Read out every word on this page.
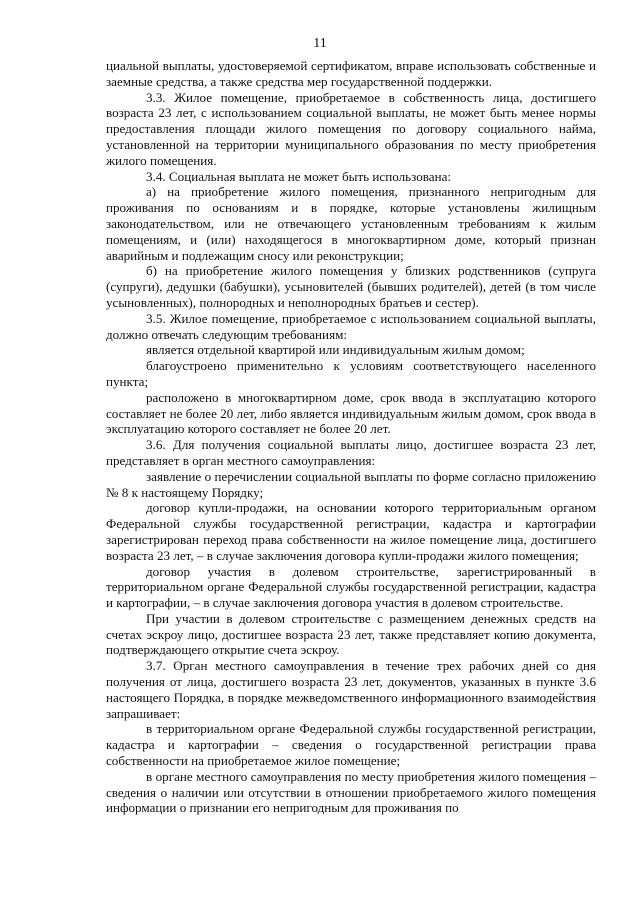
11

циальной выплаты, удостоверяемой сертификатом, вправе использовать собственные и заемные средства, а также средства мер государственной поддержки.

3.3. Жилое помещение, приобретаемое в собственность лица, достигшего возраста 23 лет, с использованием социальной выплаты, не может быть менее нормы предоставления площади жилого помещения по договору социального найма, установленной на территории муниципального образования по месту приобретения жилого помещения.

3.4. Социальная выплата не может быть использована:

а) на приобретение жилого помещения, признанного непригодным для проживания по основаниям и в порядке, которые установлены жилищным законодательством, или не отвечающего установленным требованиям к жилым помещениям, и (или) находящегося в многоквартирном доме, который признан аварийным и подлежащим сносу или реконструкции;

б) на приобретение жилого помещения у близких родственников (супруга (супруги), дедушки (бабушки), усыновителей (бывших родителей), детей (в том числе усыновленных), полнородных и неполнородных братьев и сестер).

3.5. Жилое помещение, приобретаемое с использованием социальной выплаты, должно отвечать следующим требованиям:

является отдельной квартирой или индивидуальным жилым домом;

благоустроено применительно к условиям соответствующего населенного пункта;

расположено в многоквартирном доме, срок ввода в эксплуатацию которого составляет не более 20 лет, либо является индивидуальным жилым домом, срок ввода в эксплуатацию которого составляет не более 20 лет.

3.6. Для получения социальной выплаты лицо, достигшее возраста 23 лет, представляет в орган местного самоуправления:

заявление о перечислении социальной выплаты по форме согласно приложению № 8 к настоящему Порядку;

договор купли-продажи, на основании которого территориальным органом Федеральной службы государственной регистрации, кадастра и картографии зарегистрирован переход права собственности на жилое помещение лица, достигшего возраста 23 лет, – в случае заключения договора купли-продажи жилого помещения;

договор участия в долевом строительстве, зарегистрированный в территориальном органе Федеральной службы государственной регистрации, кадастра и картографии, – в случае заключения договора участия в долевом строительстве.

При участии в долевом строительстве с размещением денежных средств на счетах эскроу лицо, достигшее возраста 23 лет, также представляет копию документа, подтверждающего открытие счета эскроу.

3.7. Орган местного самоуправления в течение трех рабочих дней со дня получения от лица, достигшего возраста 23 лет, документов, указанных в пункте 3.6 настоящего Порядка, в порядке межведомственного информационного взаимодействия запрашивает:

в территориальном органе Федеральной службы государственной регистрации, кадастра и картографии – сведения о государственной регистрации права собственности на приобретаемое жилое помещение;

в органе местного самоуправления по месту приобретения жилого помещения – сведения о наличии или отсутствии в отношении приобретаемого жилого помещения информации о признании его непригодным для проживания по
